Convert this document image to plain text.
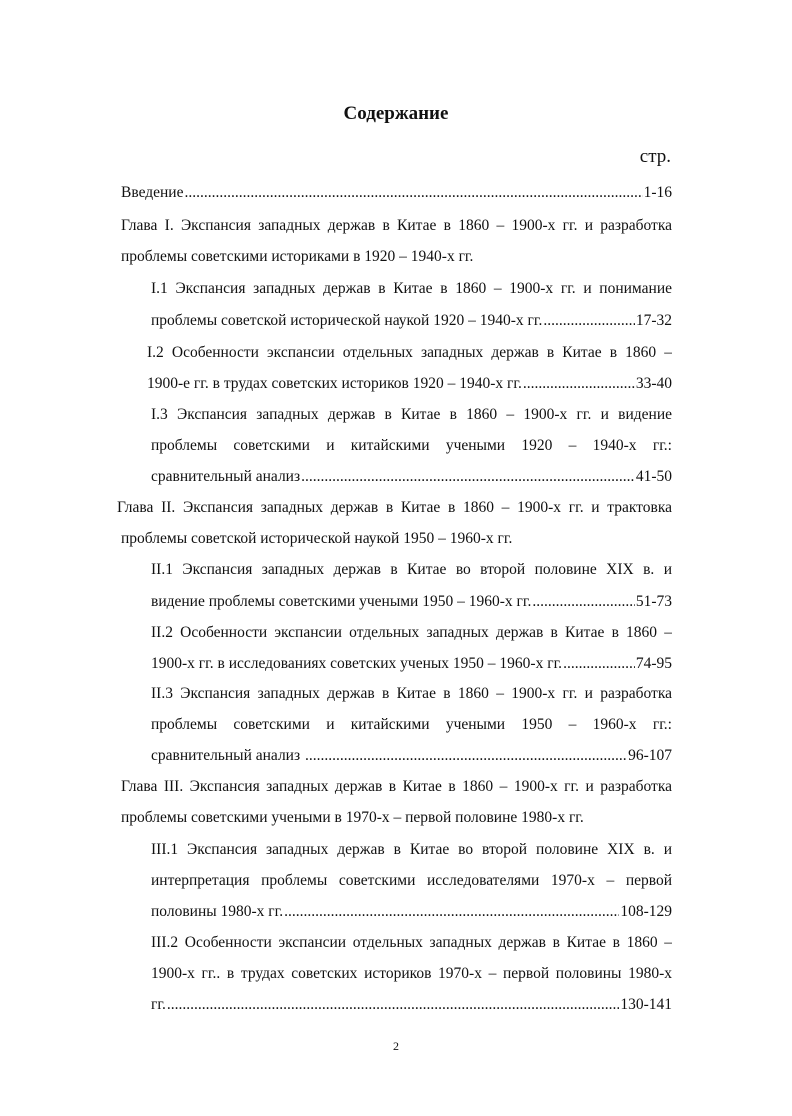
Содержание
стр.
Введение .....	1-16
Глава I. Экспансия западных держав в Китае в 1860 – 1900-х гг. и разработка
проблемы советскими историками в 1920 – 1940-х гг.
I.1 Экспансия западных держав в Китае в 1860 – 1900-х гг. и понимание
проблемы советской исторической наукой 1920 – 1940-х гг. .....	17-32
I.2 Особенности экспансии отдельных западных держав в Китае в 1860 –
1900-е гг. в трудах советских историков 1920 – 1940-х гг. .....	33-40
I.3 Экспансия западных держав в Китае в 1860 – 1900-х гг. и видение
проблемы советскими и китайскими учеными 1920 – 1940-х гг.:
сравнительный анализ .....	41-50
Глава II. Экспансия западных держав в Китае в 1860 – 1900-х гг. и трактовка
проблемы советской исторической наукой 1950 – 1960-х гг.
II.1 Экспансия западных держав в Китае во второй половине XIX в. и
видение проблемы советскими учеными 1950 – 1960-х гг. .....	51-73
II.2 Особенности экспансии отдельных западных держав в Китае в 1860 –
1900-х гг. в исследованиях советских ученых 1950 – 1960-х гг. .....	74-95
II.3 Экспансия западных держав в Китае в 1860 – 1900-х гг. и разработка
проблемы советскими и китайскими учеными 1950 – 1960-х гг.:
сравнительный анализ .....	96-107
Глава III. Экспансия западных держав в Китае в 1860 – 1900-х гг. и разработка
проблемы советскими учеными в 1970-х – первой половине 1980-х гг.
III.1 Экспансия западных держав в Китае во второй половине XIX в. и
интерпретация проблемы советскими исследователями 1970-х – первой
половины 1980-х гг. .....	108-129
III.2 Особенности экспансии отдельных западных держав в Китае в 1860 –
1900-х гг.. в трудах советских историков 1970-х – первой половины 1980-х
гг. .....	130-141
2
